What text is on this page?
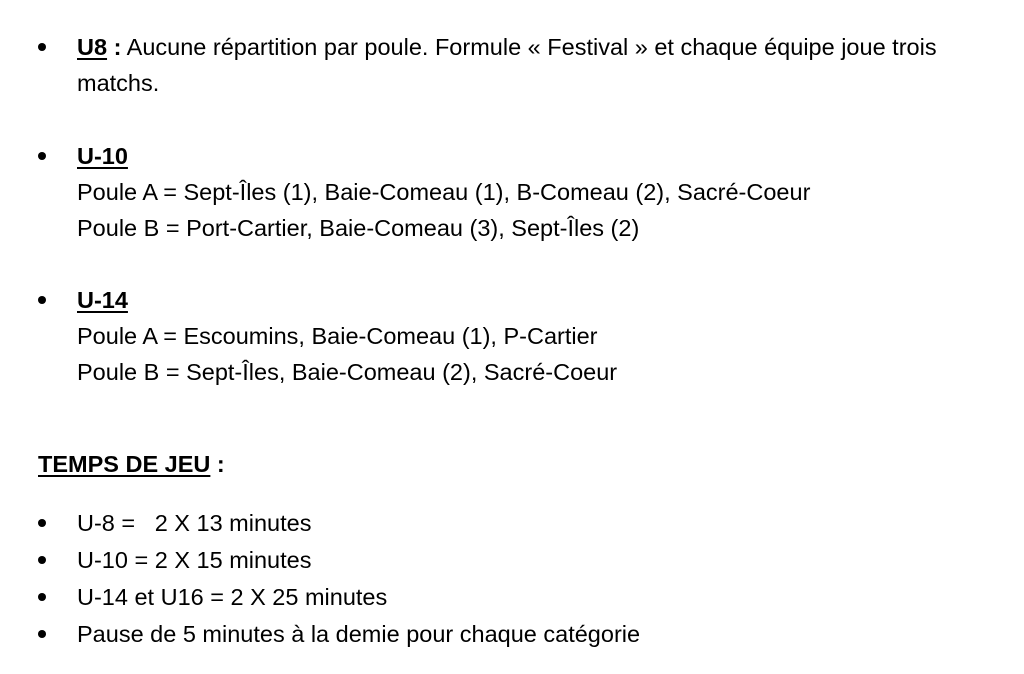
U8 : Aucune répartition par poule. Formule « Festival » et chaque équipe joue trois matchs.
U-10
Poule A = Sept-Îles (1), Baie-Comeau (1), B-Comeau (2), Sacré-Coeur
Poule B = Port-Cartier, Baie-Comeau (3), Sept-Îles (2)
U-14
Poule A = Escoumins, Baie-Comeau (1), P-Cartier
Poule B = Sept-Îles, Baie-Comeau (2), Sacré-Coeur
TEMPS DE JEU :
U-8 =   2 X 13 minutes
U-10 = 2 X 15 minutes
U-14 et U16 = 2 X 25 minutes
Pause de 5 minutes à la demie pour chaque catégorie
